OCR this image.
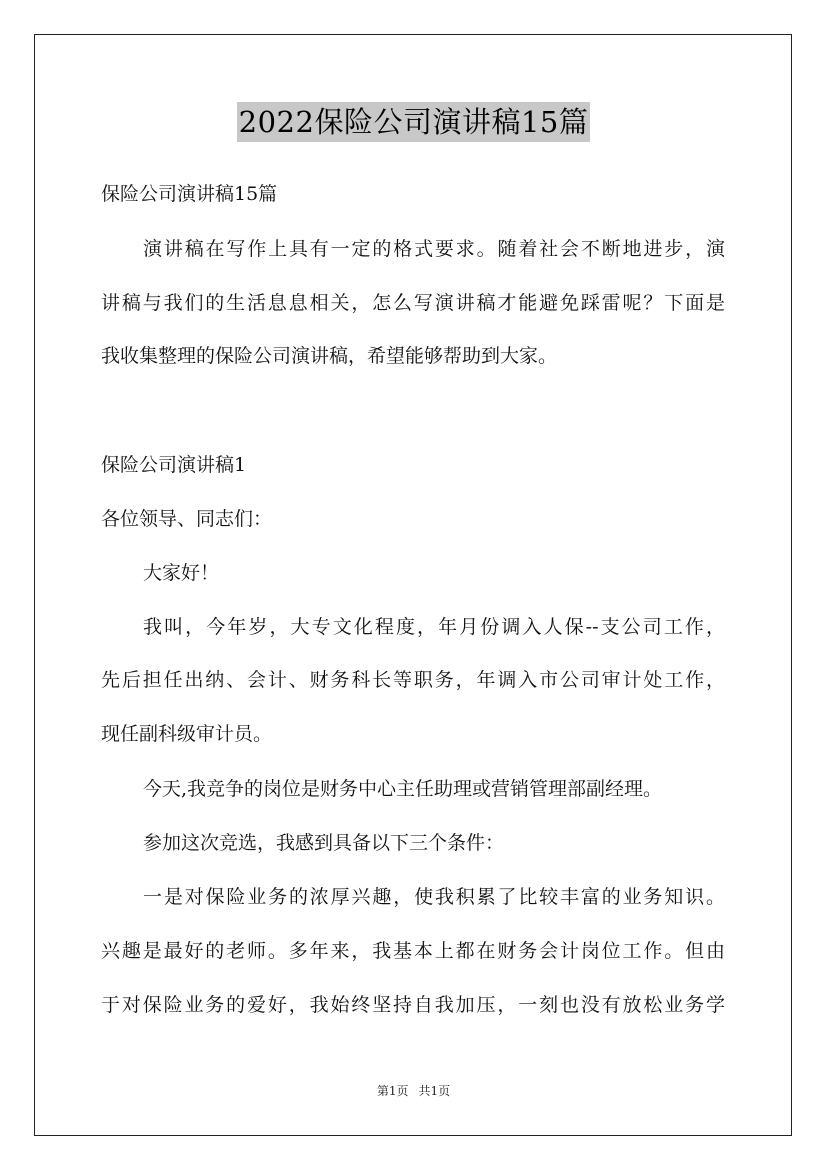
2022保险公司演讲稿15篇
保险公司演讲稿15篇
演讲稿在写作上具有一定的格式要求。随着社会不断地进步，演
讲稿与我们的生活息息相关，怎么写演讲稿才能避免踩雷呢？下面是
我收集整理的保险公司演讲稿，希望能够帮助到大家。
保险公司演讲稿1
各位领导、同志们：
大家好！
我叫，今年岁，大专文化程度，年月份调入人保--支公司工作，
先后担任出纳、会计、财务科长等职务，年调入市公司审计处工作，
现任副科级审计员。
今天,我竞争的岗位是财务中心主任助理或营销管理部副经理。
参加这次竞选，我感到具备以下三个条件：
一是对保险业务的浓厚兴趣，使我积累了比较丰富的业务知识。
兴趣是最好的老师。多年来，我基本上都在财务会计岗位工作。但由
于对保险业务的爱好，我始终坚持自我加压，一刻也没有放松业务学
第1页 共1页
